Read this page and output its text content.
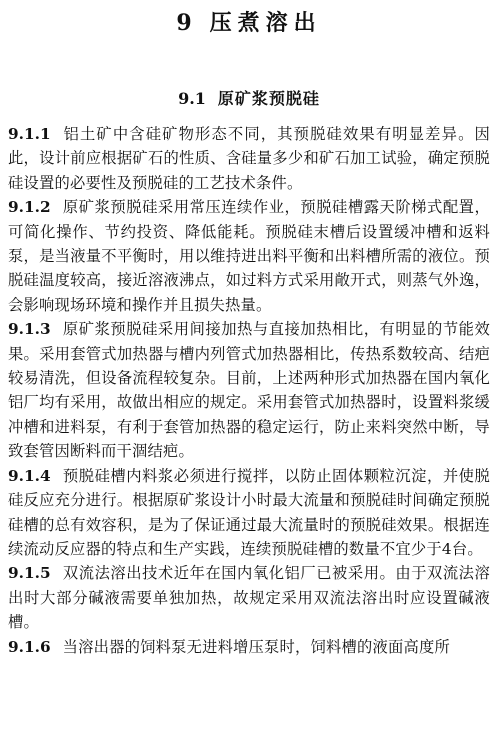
9 压煮溶出
9.1 原矿浆预脱硅

9.1.1 铝土矿中含硅矿物形态不同，其预脱硅效果有明显差异。因此，设计前应根据矿石的性质、含硅量多少和矿石加工试验，确定预脱硅设置的必要性及预脱硅的工艺技术条件。

9.1.2 原矿浆预脱硅采用常压连续作业，预脱硅槽露天阶梯式配置，可简化操作、节约投资、降低能耗。预脱硅末槽后设置缓冲槽和返料泵，是当液量不平衡时，用以维持进出料平衡和出料槽所需的液位。预脱硅温度较高，接近溶液沸点，如过料方式采用敞开式，则蒸气外逸，会影响现场环境和操作并且损失热量。

9.1.3 原矿浆预脱硅采用间接加热与直接加热相比，有明显的节能效果。采用套管式加热器与槽内列管式加热器相比，传热系数较高、结疤较易清洗，但设备流程较复杂。目前，上述两种形式加热器在国内氧化铝厂均有采用，故做出相应的规定。采用套管式加热器时，设置料浆缓冲槽和进料泵，有利于套管加热器的稳定运行，防止来料突然中断，导致套管因断料而干涸结疤。

9.1.4 预脱硅槽内料浆必须进行搅拌，以防止固体颗粒沉淀，并使脱硅反应充分进行。根据原矿浆设计小时最大流量和预脱硅时间确定预脱硅槽的总有效容积，是为了保证通过最大流量时的预脱硅效果。根据连续流动反应器的特点和生产实践，连续预脱硅槽的数量不宜少于4台。

9.1.5 双流法溶出技术近年在国内氧化铝厂已被采用。由于双流法溶出时大部分碱液需要单独加热，故规定采用双流法溶出时应设置碱液槽。

9.1.6 当溶出器的饲料泵无进料增压泵时，饲料槽的液面高度所
